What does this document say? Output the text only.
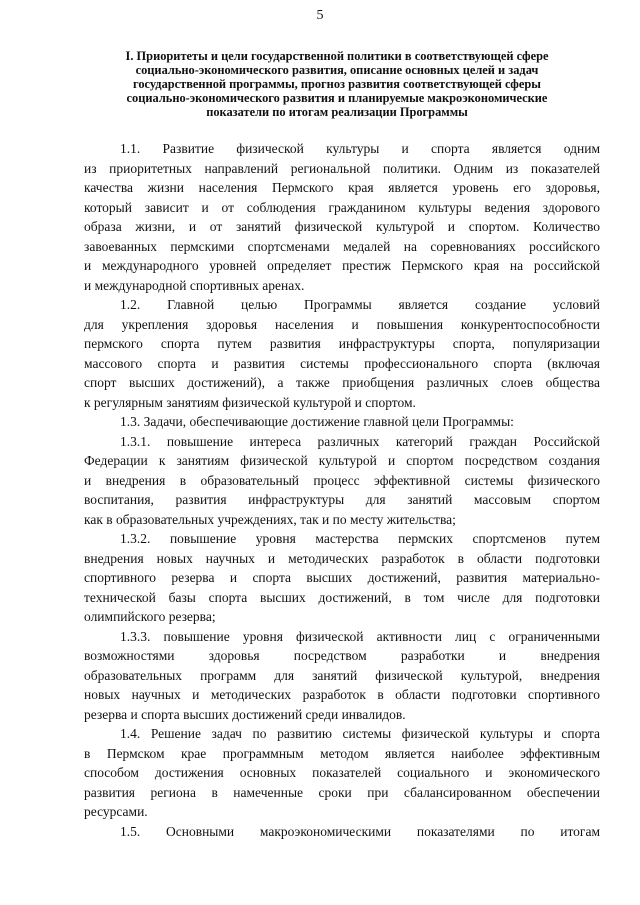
5
I. Приоритеты и цели государственной политики в соответствующей сфере
социально-экономического развития, описание основных целей и задач
государственной программы, прогноз развития соответствующей сферы
социально-экономического развития и планируемые макроэкономические
показатели по итогам реализации Программы

1.1. Развитие физической культуры и спорта является одним
из приоритетных направлений региональной политики. Одним из показателей
качества жизни населения Пермского края является уровень его здоровья,
который зависит и от соблюдения гражданином культуры ведения здорового
образа жизни, и от занятий физической культурой и спортом. Количество
завоеванных пермскими спортсменами медалей на соревнованиях российского
и международного уровней определяет престиж Пермского края на российской
и международной спортивных аренах.

1.2. Главной целью Программы является создание условий
для укрепления здоровья населения и повышения конкурентоспособности
пермского спорта путем развития инфраструктуры спорта, популяризации
массового спорта и развития системы профессионального спорта (включая
спорт высших достижений), а также приобщения различных слоев общества
к регулярным занятиям физической культурой и спортом.

1.3. Задачи, обеспечивающие достижение главной цели Программы:

1.3.1. повышение интереса различных категорий граждан Российской
Федерации к занятиям физической культурой и спортом посредством создания
и внедрения в образовательный процесс эффективной системы физического
воспитания, развития инфраструктуры для занятий массовым спортом
как в образовательных учреждениях, так и по месту жительства;

1.3.2. повышение уровня мастерства пермских спортсменов путем
внедрения новых научных и методических разработок в области подготовки
спортивного резерва и спорта высших достижений, развития материально-
технической базы спорта высших достижений, в том числе для подготовки
олимпийского резерва;

1.3.3. повышение уровня физической активности лиц с ограниченными
возможностями здоровья посредством разработки и внедрения
образовательных программ для занятий физической культурой, внедрения
новых научных и методических разработок в области подготовки спортивного
резерва и спорта высших достижений среди инвалидов.

1.4. Решение задач по развитию системы физической культуры и спорта
в Пермском крае программным методом является наиболее эффективным
способом достижения основных показателей социального и экономического
развития региона в намеченные сроки при сбалансированном обеспечении
ресурсами.

1.5. Основными макроэкономическими показателями по итогам
